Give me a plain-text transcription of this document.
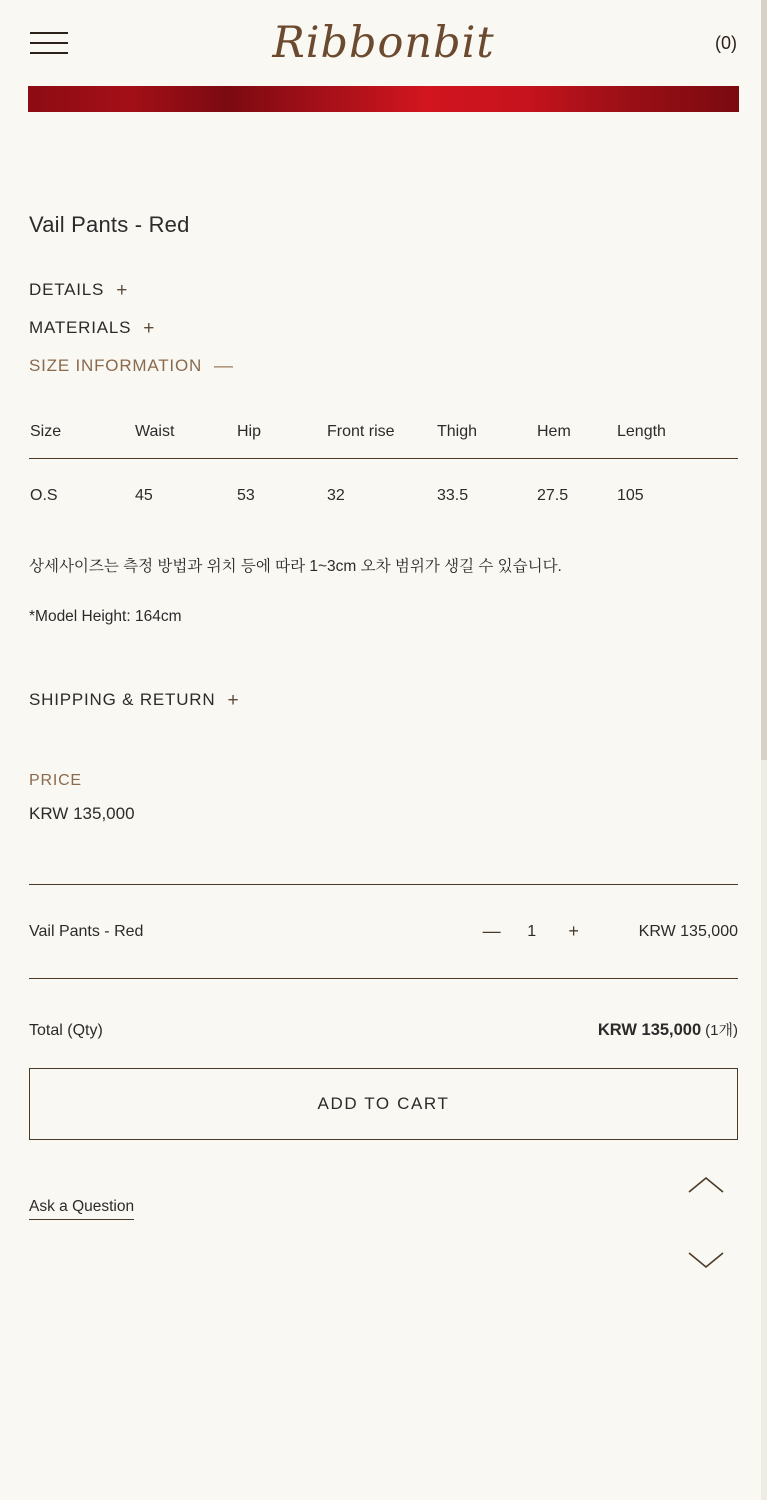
Ribbonbit	(0)
Vail Pants - Red
DETAILS +
MATERIALS +
SIZE INFORMATION —
Size	Waist	Hip	Front rise	Thigh	Hem	Length
O.S	45	53	32	33.5	27.5	105
상세사이즈는 측정 방법과 위치 등에 따라 1~3cm 오차 범위가 생길 수 있습니다.
*Model Height: 164cm
SHIPPING & RETURN +
PRICE
KRW 135,000
Vail Pants - Red	— 1 +	KRW 135,000
Total (Qty)	KRW 135,000 (1개)
ADD TO CART
Ask a Question
